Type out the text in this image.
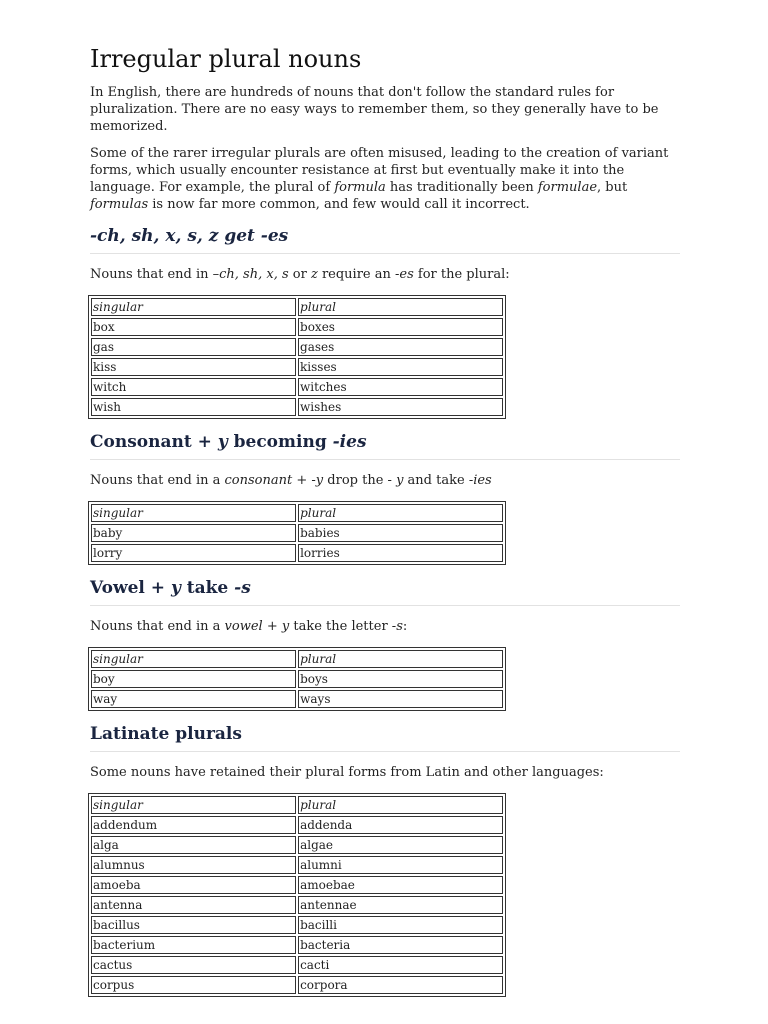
Irregular plural nouns

In English, there are hundreds of nouns that don't follow the standard rules for pluralization. There are no easy ways to remember them, so they generally have to be memorized.

Some of the rarer irregular plurals are often misused, leading to the creation of variant forms, which usually encounter resistance at first but eventually make it into the language. For example, the plural of formula has traditionally been formulae, but formulas is now far more common, and few would call it incorrect.

-ch, sh, x, s, z get -es

Nouns that end in –ch, sh, x, s or z require an -es for the plural:

singular	plural
box	boxes
gas	gases
kiss	kisses
witch	witches
wish	wishes
Consonant + y becoming -ies

Nouns that end in a consonant + -y drop the - y and take -ies

singular	plural
baby	babies
lorry	lorries
Vowel + y take -s

Nouns that end in a vowel + y take the letter -s:

singular	plural
boy	boys
way	ways
Latinate plurals

Some nouns have retained their plural forms from Latin and other languages:

singular	plural
addendum	addenda
alga	algae
alumnus	alumni
amoeba	amoebae
antenna	antennae
bacillus	bacilli
bacterium	bacteria
cactus	cacti
corpus	corpora
